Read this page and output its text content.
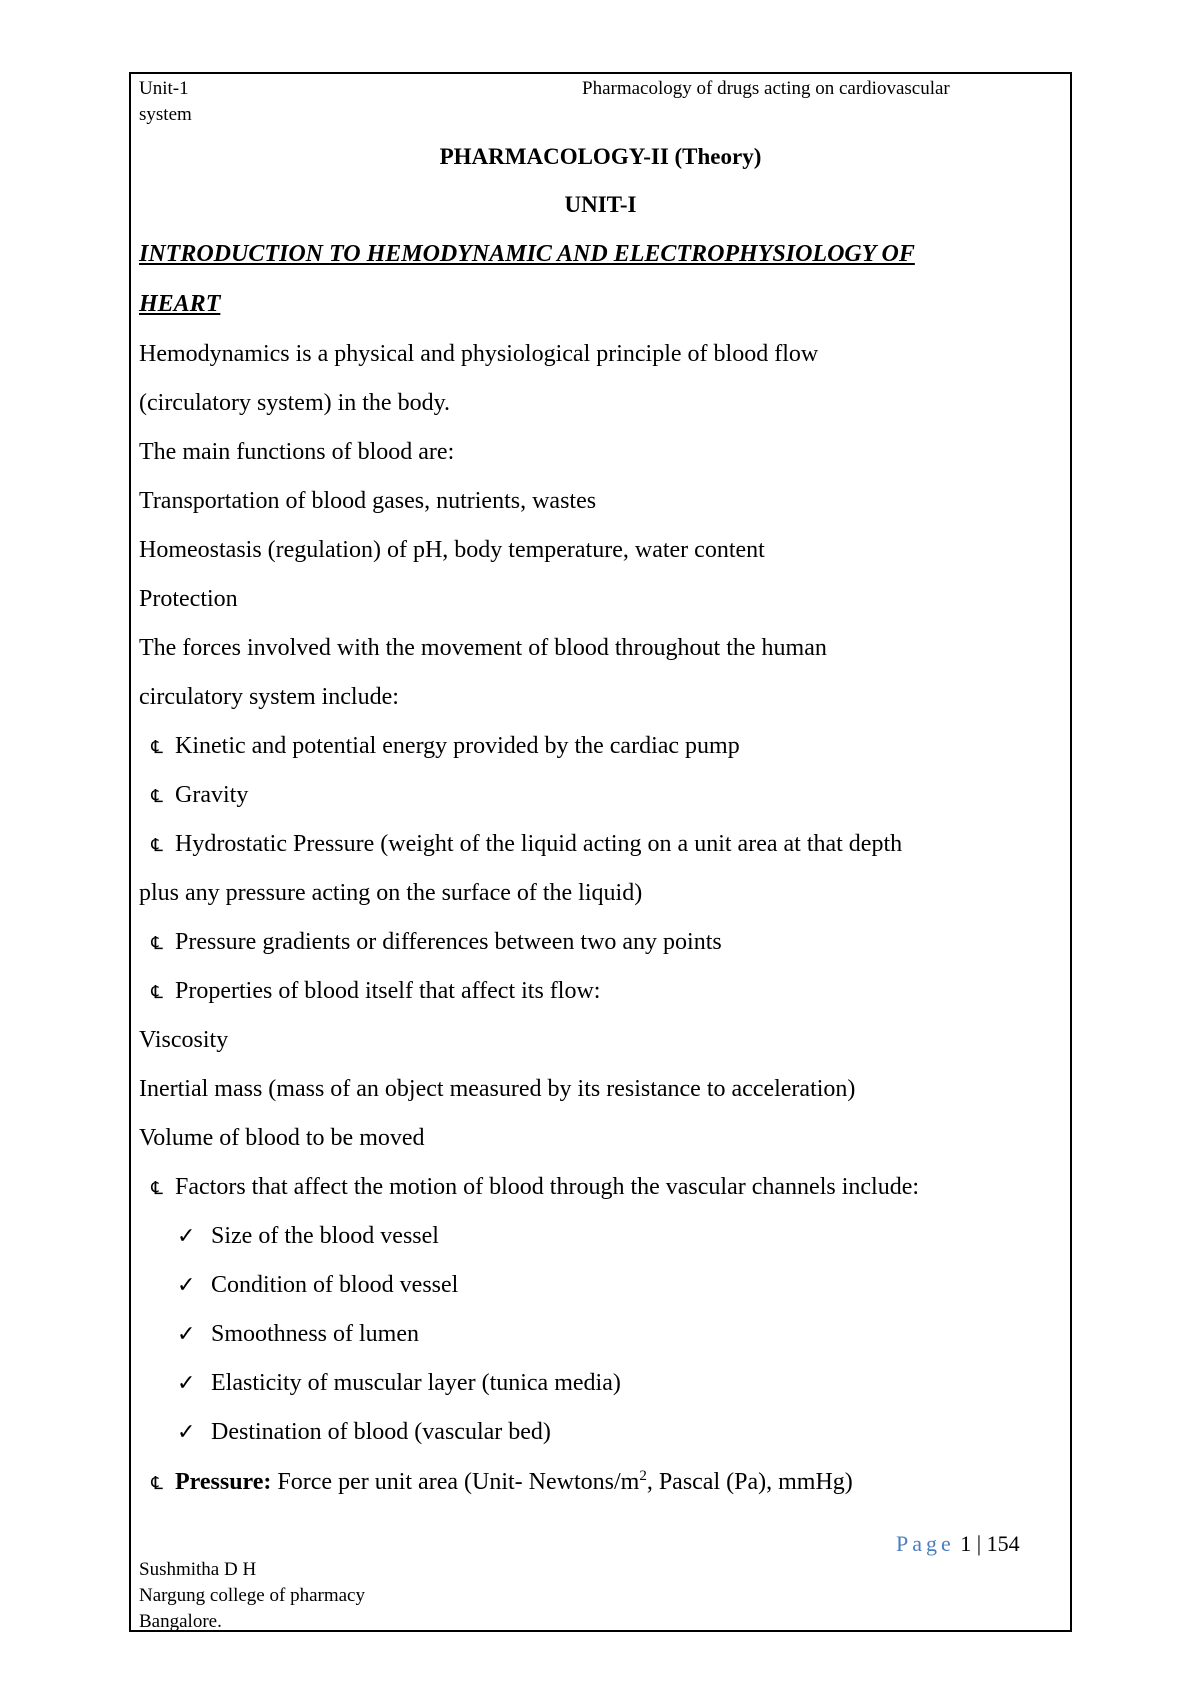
Unit-1	Pharmacology of drugs acting on cardiovascular
system
PHARMACOLOGY-II (Theory)
UNIT-I
INTRODUCTION TO HEMODYNAMIC AND ELECTROPHYSIOLOGY OF
HEART
Hemodynamics is a physical and physiological principle of blood flow
(circulatory system) in the body.
The main functions of blood are:
Transportation of blood gases, nutrients, wastes
Homeostasis (regulation) of pH, body temperature, water content
Protection
The forces involved with the movement of blood throughout the human
circulatory system include:
℄ Kinetic and potential energy provided by the cardiac pump
℄ Gravity
℄ Hydrostatic Pressure (weight of the liquid acting on a unit area at that depth
plus any pressure acting on the surface of the liquid)
℄ Pressure gradients or differences between two any points
℄ Properties of blood itself that affect its flow:
Viscosity
Inertial mass (mass of an object measured by its resistance to acceleration)
Volume of blood to be moved
℄ Factors that affect the motion of blood through the vascular channels include:
✓ Size of the blood vessel
✓ Condition of blood vessel
✓ Smoothness of lumen
✓ Elasticity of muscular layer (tunica media)
✓ Destination of blood (vascular bed)
℄ Pressure: Force per unit area (Unit- Newtons/$m^2$, Pascal (Pa), mmHg)
Page 1 | 154
Sushmitha D H
Nargung college of pharmacy
Bangalore.
